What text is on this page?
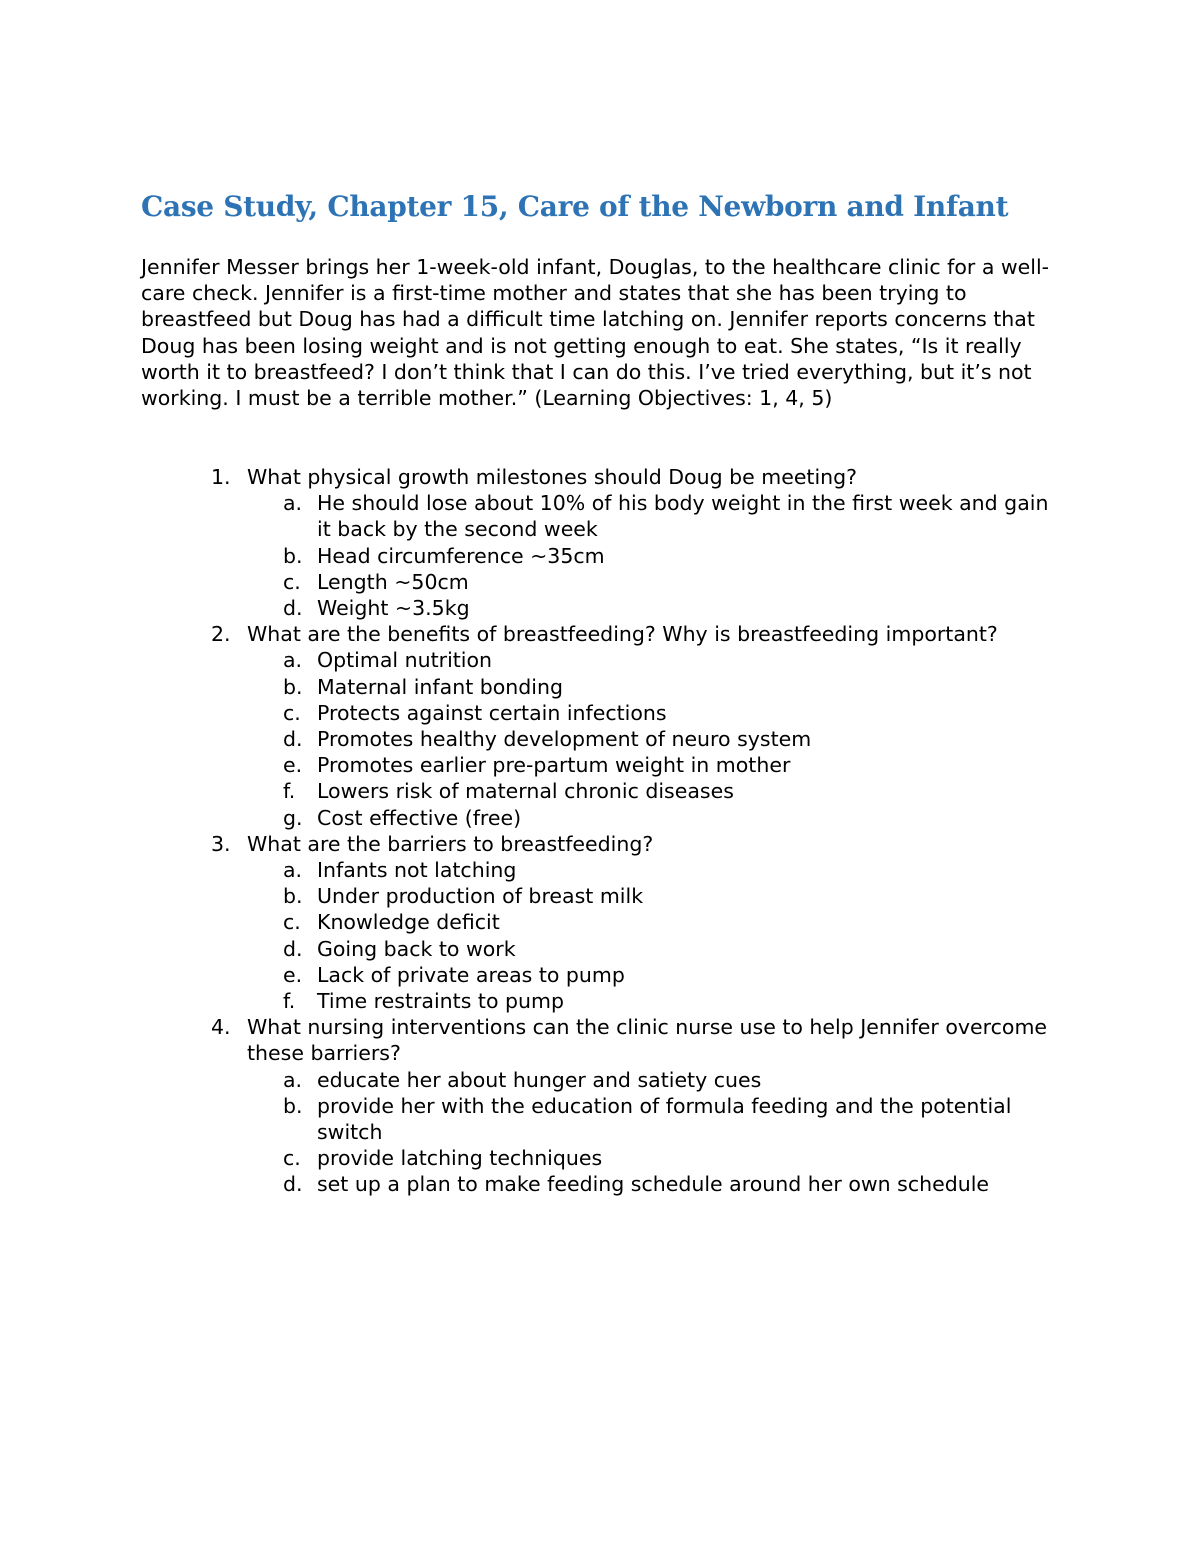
Case Study, Chapter 15, Care of the Newborn and Infant

Jennifer Messer brings her 1-week-old infant, Douglas, to the healthcare clinic for a well-care check. Jennifer is a first-time mother and states that she has been trying to breastfeed but Doug has had a difficult time latching on. Jennifer reports concerns that Doug has been losing weight and is not getting enough to eat. She states, “Is it really worth it to breastfeed? I don’t think that I can do this. I’ve tried everything, but it’s not working. I must be a terrible mother.” (Learning Objectives: 1, 4, 5)

1. What physical growth milestones should Doug be meeting?
a. He should lose about 10% of his body weight in the first week and gain it back by the second week
b. Head circumference ~35cm
c. Length ~50cm
d. Weight ~3.5kg
2. What are the benefits of breastfeeding? Why is breastfeeding important?
a. Optimal nutrition
b. Maternal infant bonding
c. Protects against certain infections
d. Promotes healthy development of neuro system
e. Promotes earlier pre-partum weight in mother
f.	Lowers risk of maternal chronic diseases
g. Cost effective (free)
3. What are the barriers to breastfeeding?
a. Infants not latching
b. Under production of breast milk
c. Knowledge deficit
d. Going back to work
e. Lack of private areas to pump
f.	Time restraints to pump
4. What nursing interventions can the clinic nurse use to help Jennifer overcome these barriers?
a. educate her about hunger and satiety cues
b. provide her with the education of formula feeding and the potential switch
c. provide latching techniques
d. set up a plan to make feeding schedule around her own schedule
